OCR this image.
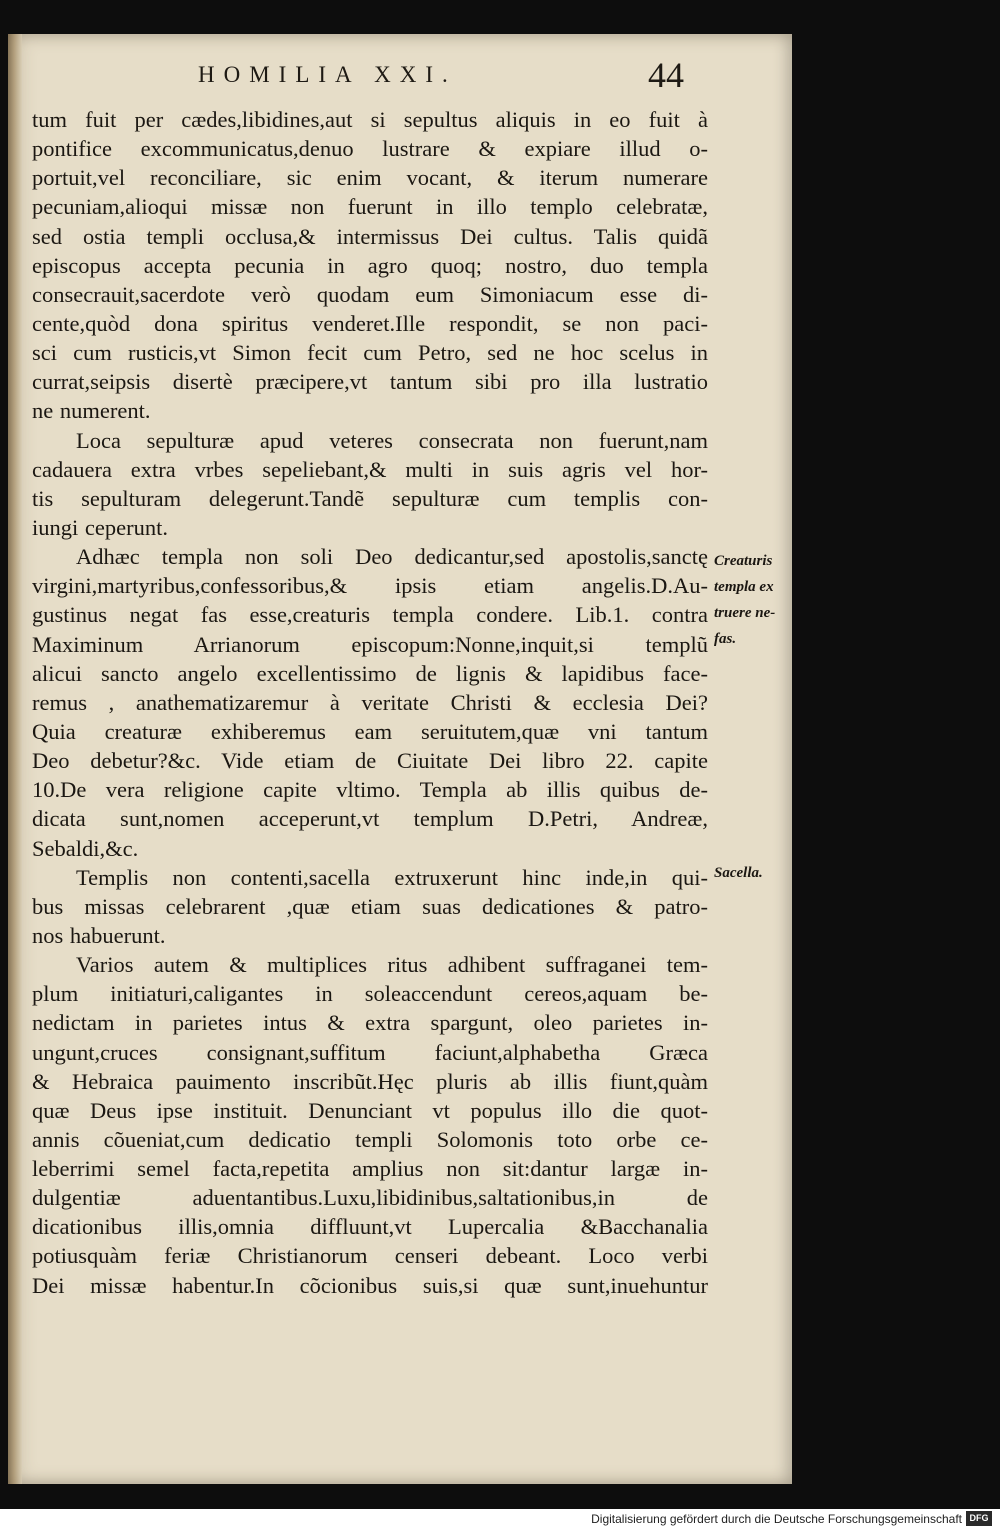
HOMILIA XXI.	44
tum fuit per cædes,libidines,aut si sepultus aliquis in eo fuit à
pontifice excommunicatus,denuo lustrare & expiare illud o-
portuit,vel reconciliare, sic enim vocant, & iterum numerare
pecuniam,alioqui missæ non fuerunt in illo templo celebratæ,
sed ostia templi occlusa,& intermissus Dei cultus. Talis quidã
episcopus accepta pecunia in agro quoq; nostro, duo templa
consecrauit,sacerdote verò quodam eum Simoniacum esse di-
cente,quòd dona spiritus venderet.Ille respondit, se non paci-
sci cum rusticis,vt Simon fecit cum Petro, sed ne hoc scelus in
currat,seipsis disertè præcipere,vt tantum sibi pro illa lustratio
ne numerent.
Loca sepulturæ apud veteres consecrata non fuerunt,nam
cadauera extra vrbes sepeliebant,& multi in suis agris vel hor-
tis sepulturam delegerunt.Tandẽ sepulturæ cum templis con-
iungi ceperunt.
Adhæc templa non soli Deo dedicantur,sed apostolis,sanctę
virgini,martyribus,confessoribus,& ipsis etiam angelis.D.Au-
gustinus negat fas esse,creaturis templa condere. Lib.1. contra
Maximinum Arrianorum episcopum:Nonne,inquit,si templũ
alicui sancto angelo excellentissimo de lignis & lapidibus face-
remus , anathematizaremur à veritate Christi & ecclesia Dei?
Quia creaturæ exhiberemus eam seruitutem,quæ vni tantum
Deo debetur?&c. Vide etiam de Ciuitate Dei libro 22. capite
10.De vera religione capite vltimo. Templa ab illis quibus de-
dicata sunt,nomen acceperunt,vt templum D.Petri, Andreæ,
Sebaldi,&c.
Templis non contenti,sacella extruxerunt hinc inde,in qui-
bus missas celebrarent ,quæ etiam suas dedicationes & patro-
nos habuerunt.
Varios autem & multiplices ritus adhibent suffraganei tem-
plum initiaturi,caligantes in soleaccendunt cereos,aquam be-
nedictam in parietes intus & extra spargunt, oleo parietes in-
ungunt,cruces consignant,suffitum faciunt,alphabetha Græca
& Hebraica pauimento inscribũt.Hęc pluris ab illis fiunt,quàm
quæ Deus ipse instituit. Denunciant vt populus illo die quot-
annis cõueniat,cum dedicatio templi Solomonis toto orbe ce-
leberrimi semel facta,repetita amplius non sit:dantur largæ in-
dulgentiæ aduentantibus.Luxu,libidinibus,saltationibus,in de
dicationibus illis,omnia diffluunt,vt Lupercalia &Bacchanalia
potiusquàm feriæ Christianorum censeri debeant. Loco verbi
Dei missæ habentur.In cõcionibus suis,si quæ sunt,inuehuntur
Creaturis
templa ex
truere ne-
fas.
Sacella.
Digitalisierung gefördert durch die Deutsche Forschungsgemeinschaft DFG
